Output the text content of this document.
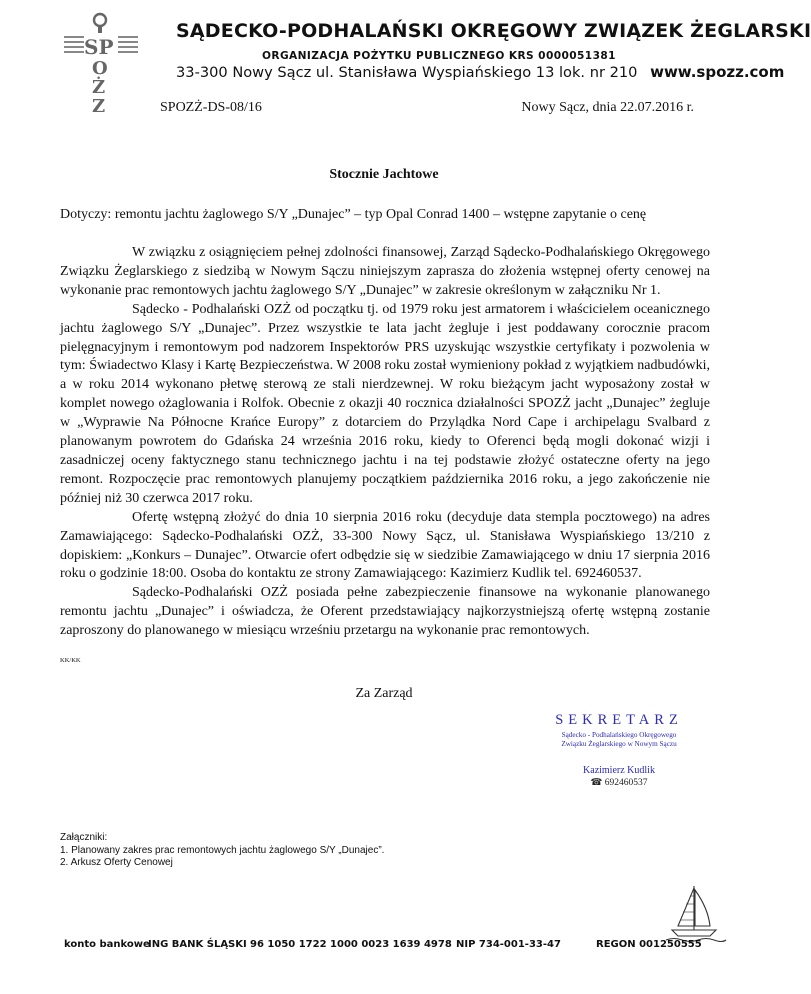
SP
O
Ż
Z
SĄDECKO-PODHALAŃSKI OKRĘGOWY ZWIĄZEK ŻEGLARSKI
ORGANIZACJA POŻYTKU PUBLICZNEGO KRS 0000051381
33-300 Nowy Sącz ul. Stanisława Wyspiańskiego 13 lok. nr 210 www.spozz.com
SPOZŻ-DS-08/16	Nowy Sącz, dnia 22.07.2016 r.
Stocznie Jachtowe
Dotyczy: remontu jachtu żaglowego S/Y „Dunajec” – typ Opal Conrad 1400 – wstępne zapytanie o cenę

W związku z osiągnięciem pełnej zdolności finansowej, Zarząd Sądecko-Podhalańskiego Okręgowego Związku Żeglarskiego z siedzibą w Nowym Sączu niniejszym zaprasza do złożenia wstępnej oferty cenowej na wykonanie prac remontowych jachtu żaglowego S/Y „Dunajec” w zakresie określonym w załączniku Nr 1.

Sądecko - Podhalański OZŻ od początku tj. od 1979 roku jest armatorem i właścicielem oceanicznego jachtu żaglowego S/Y „Dunajec”. Przez wszystkie te lata jacht żegluje i jest poddawany corocznie pracom pielęgnacyjnym i remontowym pod nadzorem Inspektorów PRS uzyskując wszystkie certyfikaty i pozwolenia w tym: Świadectwo Klasy i Kartę Bezpieczeństwa. W 2008 roku został wymieniony pokład z wyjątkiem nadbudówki, a w roku 2014 wykonano płetwę sterową ze stali nierdzewnej. W roku bieżącym jacht wyposażony został w komplet nowego ożaglowania i Rolfok. Obecnie z okazji 40 rocznica działalności SPOZŻ jacht „Dunajec” żegluje w „Wyprawie Na Północne Krańce Europy” z dotarciem do Przylądka Nord Cape i archipelagu Svalbard z planowanym powrotem do Gdańska 24 września 2016 roku, kiedy to Oferenci będą mogli dokonać wizji i zasadniczej oceny faktycznego stanu technicznego jachtu i na tej podstawie złożyć ostateczne oferty na jego remont. Rozpoczęcie prac remontowych planujemy początkiem października 2016 roku, a jego zakończenie nie później niż 30 czerwca 2017 roku.

Ofertę wstępną złożyć do dnia 10 sierpnia 2016 roku (decyduje data stempla pocztowego) na adres Zamawiającego: Sądecko-Podhalański OZŻ, 33-300 Nowy Sącz, ul. Stanisława Wyspiańskiego 13/210 z dopiskiem: „Konkurs – Dunajec”. Otwarcie ofert odbędzie się w siedzibie Zamawiającego w dniu 17 sierpnia 2016 roku o godzinie 18:00. Osoba do kontaktu ze strony Zamawiającego: Kazimierz Kudlik tel. 692460537.

Sądecko-Podhalański OZŻ posiada pełne zabezpieczenie finansowe na wykonanie planowanego remontu jachtu „Dunajec” i oświadcza, że Oferent przedstawiający najkorzystniejszą ofertę wstępną zostanie zaproszony do planowanego w miesiącu wrześniu przetargu na wykonanie prac remontowych.

KK/KK
Za Zarząd
SEKRETARZ
Sądecko - Podhalańskiego Okręgowego
Związku Żeglarskiego w Nowym Sączu
Kazimierz Kudlik
☎ 692460537
Załączniki:
1. Planowany zakres prac remontowych jachtu żaglowego S/Y „Dunajec”.
2. Arkusz Oferty Cenowej
konto bankowe
ING BANK ŚLĄSKI 96 1050 1722 1000 0023 1639 4978 NIP 734-001-33-47	REGON 001250555
